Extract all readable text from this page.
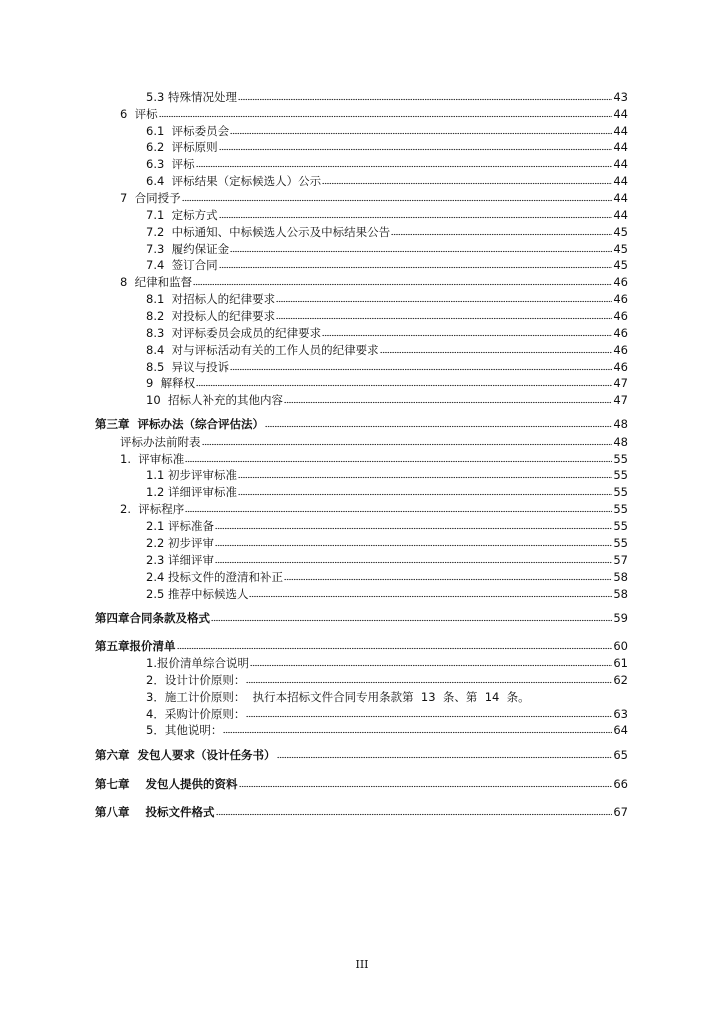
5.3 特殊情况处理	43
6  评标	44
6.1  评标委员会	44
6.2  评标原则	44
6.3  评标	44
6.4  评标结果（定标候选人）公示	44
7  合同授予	44
7.1  定标方式	44
7.2  中标通知、中标候选人公示及中标结果公告	45
7.3  履约保证金	45
7.4  签订合同	45
8  纪律和监督	46
8.1  对招标人的纪律要求	46
8.2  对投标人的纪律要求	46
8.3  对评标委员会成员的纪律要求	46
8.4  对与评标活动有关的工作人员的纪律要求	46
8.5  异议与投诉	46
9  解释权	47
10  招标人补充的其他内容	47
第三章  评标办法（综合评估法）	48
评标办法前附表	48
1.  评审标准	55
1.1 初步评审标准	55
1.2 详细评审标准	55
2.  评标程序	55
2.1 评标准备	55
2.2 初步评审	55
2.3 详细评审	57
2.4 投标文件的澄清和补正	58
2.5 推荐中标候选人	58
第四章合同条款及格式	59
第五章报价清单	60
1.报价清单综合说明	61
2．设计计价原则：	62
3．施工计价原则：  执行本招标文件合同专用条款第  13  条、第  14  条。
4．采购计价原则：	63
5．其他说明：	64
第六章  发包人要求（设计任务书）	65
第七章    发包人提供的资料	66
第八章    投标文件格式	67
III
